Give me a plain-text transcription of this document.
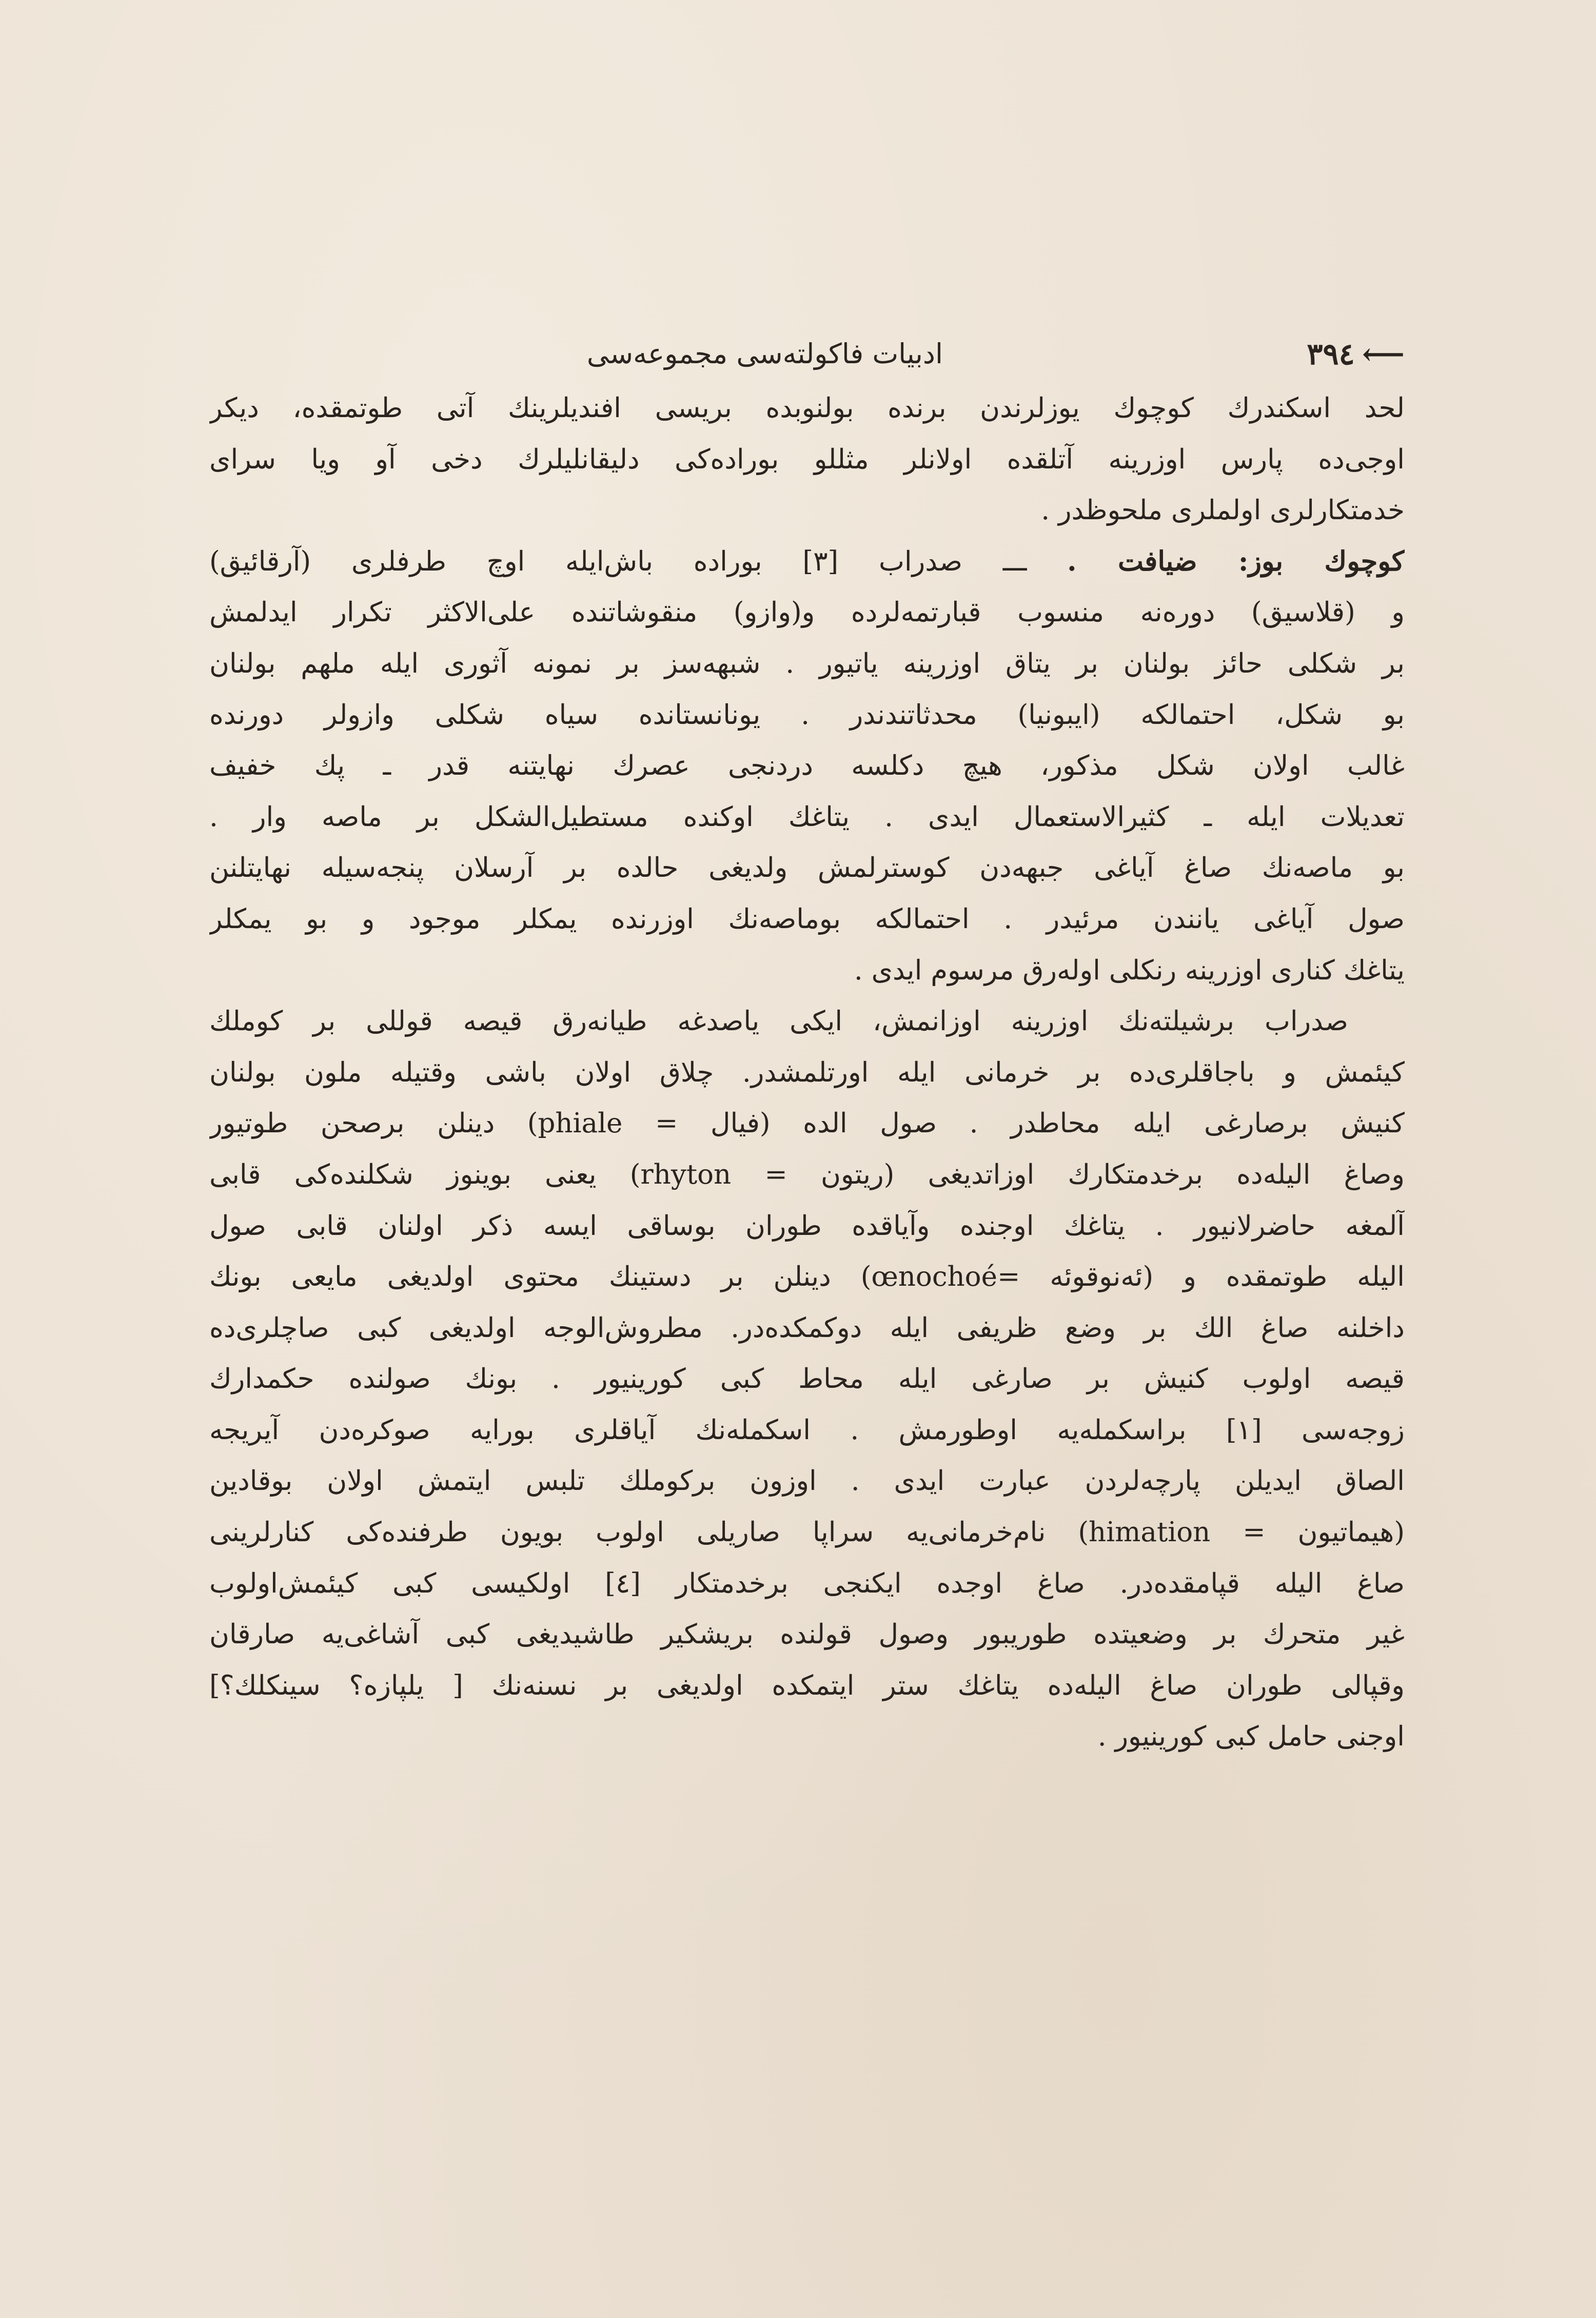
⟵٣٩٤
ادبيات فاكولته‌سى مجموعه‌سى
لحد اسكندرك كوچوك يوزلرندن برنده بولنوبده بريسى افنديلرينك آتى طوتمقده، ديكر
اوجى‌ده پارس اوزرينه آتلقده اولانلر مثللو بوراده‌كى دليقانليلرك دخى آو ويا سراى
خدمتكارلرى اولملرى ملحوظدر .
كوچوك بوز: ضيافت . ـــ صدراب [٣] بوراده باش‌ايله اوچ طرفلرى (آرقائيق)
و (قلاسيق) دوره‌نه منسوب قبارتمه‌لرده و(وازو) منقوشاتنده على‌الاكثر تكرار ايدلمش
بر شكلى حائز بولنان بر يتاق اوزرينه ياتيور . شبهه‌سز بر نمونه آثورى ايله ملهم بولنان
بو شكل، احتمالكه (ايبونيا) محدثاتندندر . يونانستانده سياه شكلى وازولر دورنده
غالب اولان شكل مذكور، هيچ دكلسه دردنجى عصرك نهايتنه قدر ـ پك خفيف
تعديلات ايله ـ كثيرالاستعمال ايدى . يتاغك اوكنده مستطيل‌الشكل بر ماصه وار .
بو ماصه‌نك صاغ آياغى جبهه‌دن كوسترلمش ولديغى حالده بر آرسلان پنجه‌سيله نهايتلنن
صول آياغى يانندن مرئيدر . احتمالكه بوماصه‌نك اوزرنده يمكلر موجود و بو يمكلر
يتاغك كنارى اوزرينه رنكلى اوله‌رق مرسوم ايدى .
صدراب برشيلته‌نك اوزرينه اوزانمش، ايكى ياصدغه طيانه‌رق قيصه قوللى بر كوملك
كيئمش و باجاقلرى‌ده بر خرمانى ايله اورتلمشدر. چلاق اولان باشى وقتيله ملون بولنان
كنيش برصارغى ايله محاطدر . صول الده (فيال = phiale) دينلن برصحن طوتيور
وصاغ اليله‌ده برخدمتكارك اوزاتديغى (ريتون = rhyton) يعنى بوينوز شكلنده‌كى قابى
آلمغه حاضرلانيور . يتاغك اوجنده وآياقده طوران بوساقى ايسه ذكر اولنان قابى صول
اليله طوتمقده و (ئه‌نوقوئه =œnochoé) دينلن بر دستينك محتوى اولديغى مايعى بونك
داخلنه صاغ الك بر وضع ظريفى ايله دوكمكده‌در. مطروش‌الوجه اولديغى كبى صاچلرى‌ده
قيصه اولوب كنيش بر صارغى ايله محاط كبى كورينيور . بونك صولنده حكمدارك
زوجه‌سى [١] براسكمله‌يه اوطورمش . اسكمله‌نك آياقلرى بورايه صوكره‌دن آيريجه
الصاق ايديلن پارچه‌لردن عبارت ايدى . اوزون بركوملك تلبس ايتمش اولان بوقادين
(هيماتيون = himation) نام‌خرمانى‌يه سراپا صاريلى اولوب بويون طرفنده‌كى كنارلرينى
صاغ اليله قپامقده‌در. صاغ اوجده ايكنجى برخدمتكار [٤] اولكيسى كبى كيئمش‌اولوب
غير متحرك بر وضعيتده طوريبور وصول قولنده بريشكير طاشيديغى كبى آشاغى‌يه صارقان
وقپالى طوران صاغ اليله‌ده يتاغك ستر ايتمكده اولديغى بر نسنه‌نك [ يلپازه؟ سينكلك؟]
اوجنى حامل كبى كورينيور .
